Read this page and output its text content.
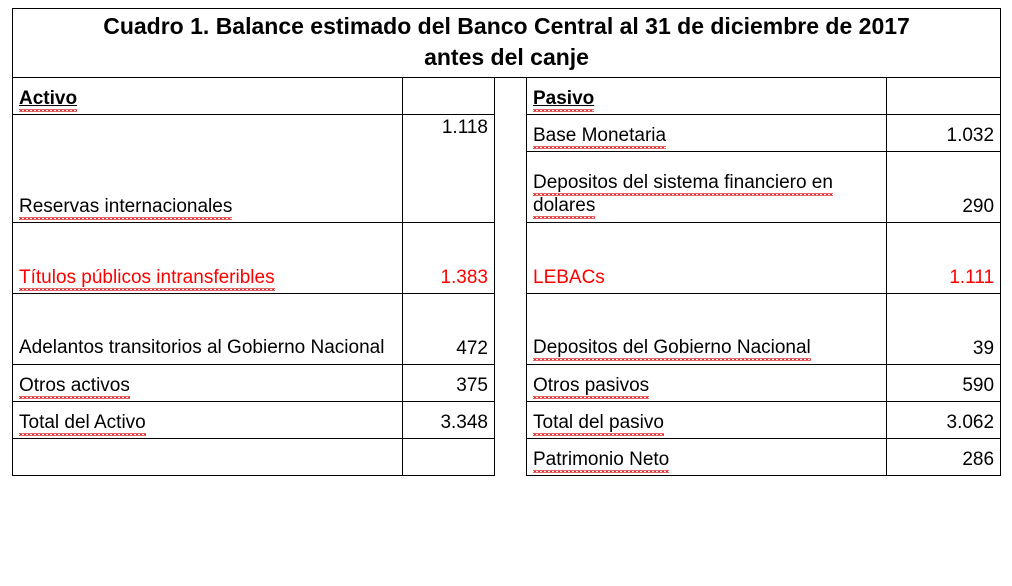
Cuadro 1. Balance estimado del Banco Central al 31 de diciembre de 2017
antes del canje				
Activo			Pasivo	
Reservas internacionales	1.118		Base Monetaria	1.032
			Depositos del sistema financiero en dolares	290
Títulos públicos intransferibles	1.383		LEBACs	1.111
Adelantos transitorios al Gobierno Nacional	472		Depositos del Gobierno Nacional	39
Otros activos	375		Otros pasivos	590
Total del Activo	3.348		Total del pasivo	3.062
			Patrimonio Neto	286
